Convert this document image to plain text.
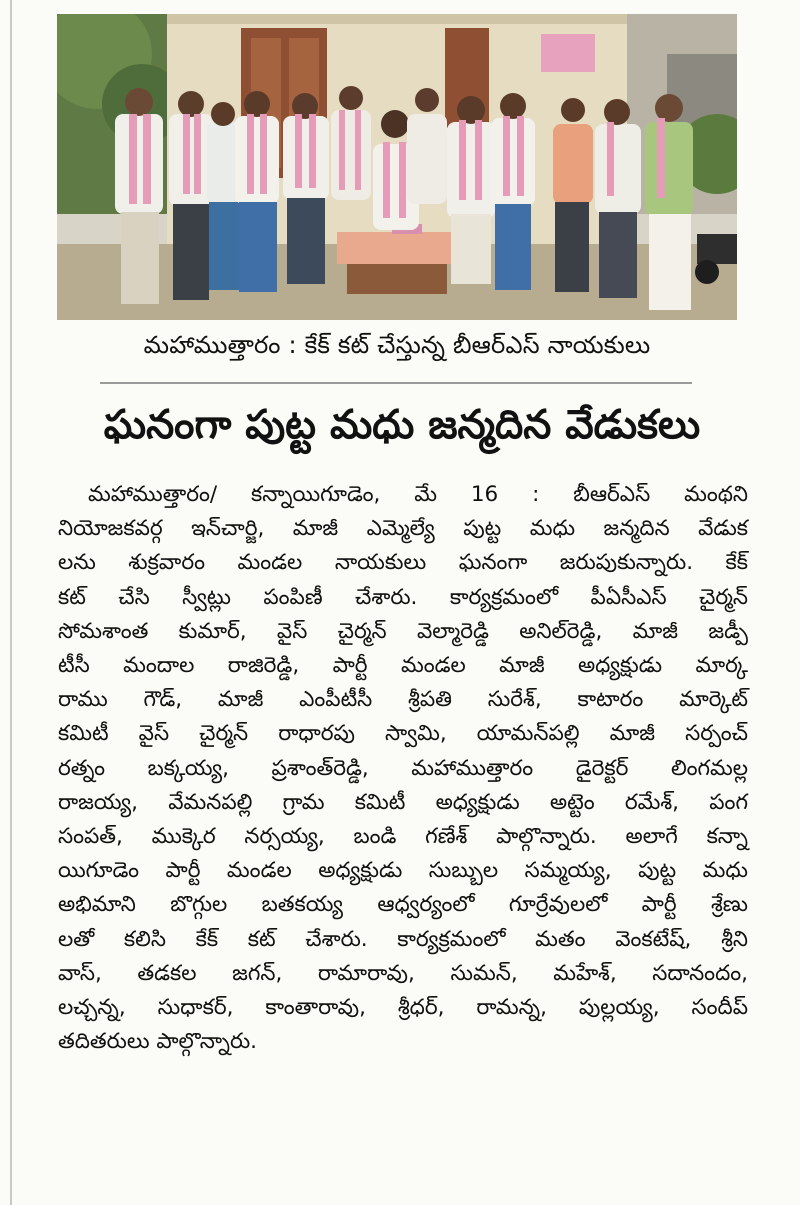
మహాముత్తారం : కేక్ కట్ చేస్తున్న బీఆర్ఎస్ నాయకులు
ఘనంగా పుట్ట మధు జన్మదిన వేడుకలు
మహాముత్తారం/ కన్నాయిగూడెం, మే 16 : బీఆర్ఎస్ మంథని
నియోజకవర్గ ఇన్‌చార్జి, మాజీ ఎమ్మెల్యే పుట్ట మధు జన్మదిన వేడుక
లను శుక్రవారం మండల నాయకులు ఘనంగా జరుపుకున్నారు. కేక్
కట్ చేసి స్వీట్లు పంపిణీ చేశారు. కార్యక్రమంలో పీఏసీఎస్ చైర్మన్
సోమశాంత కుమార్, వైస్ చైర్మన్ వెల్మారెడ్డి అనిల్‌రెడ్డి, మాజీ జడ్పీ
టీసీ మందాల రాజిరెడ్డి, పార్టీ మండల మాజీ అధ్యక్షుడు మార్క
రాము గౌడ్, మాజీ ఎంపీటీసీ శ్రీపతి సురేశ్, కాటారం మార్కెట్
కమిటీ వైస్ చైర్మన్ రాధారపు స్వామి, యామన్‌పల్లి మాజీ సర్పంచ్
రత్నం బక్కయ్య, ప్రశాంత్‌రెడ్డి, మహాముత్తారం డైరెక్టర్ లింగమల్ల
రాజయ్య, వేమనపల్లి గ్రామ కమిటీ అధ్యక్షుడు అట్టెం రమేశ్, పంగ
సంపత్, ముక్కెర నర్సయ్య, బండి గణేశ్ పాల్గొన్నారు. అలాగే కన్నా
యిగూడెం పార్టీ మండల అధ్యక్షుడు సుబ్బుల సమ్మయ్య, పుట్ట మధు
అభిమాని బొగ్గుల బతకయ్య ఆధ్వర్యంలో గూర్రేవులలో పార్టీ శ్రేణు
లతో కలిసి కేక్ కట్ చేశారు. కార్యక్రమంలో మతం వెంకటేష్, శ్రీని
వాస్, తడకల జగన్, రామారావు, సుమన్, మహేశ్, సదానందం,
లచ్చన్న, సుధాకర్, కాంతారావు, శ్రీధర్, రామన్న, పుల్లయ్య, సందీప్
తదితరులు పాల్గొన్నారు.
